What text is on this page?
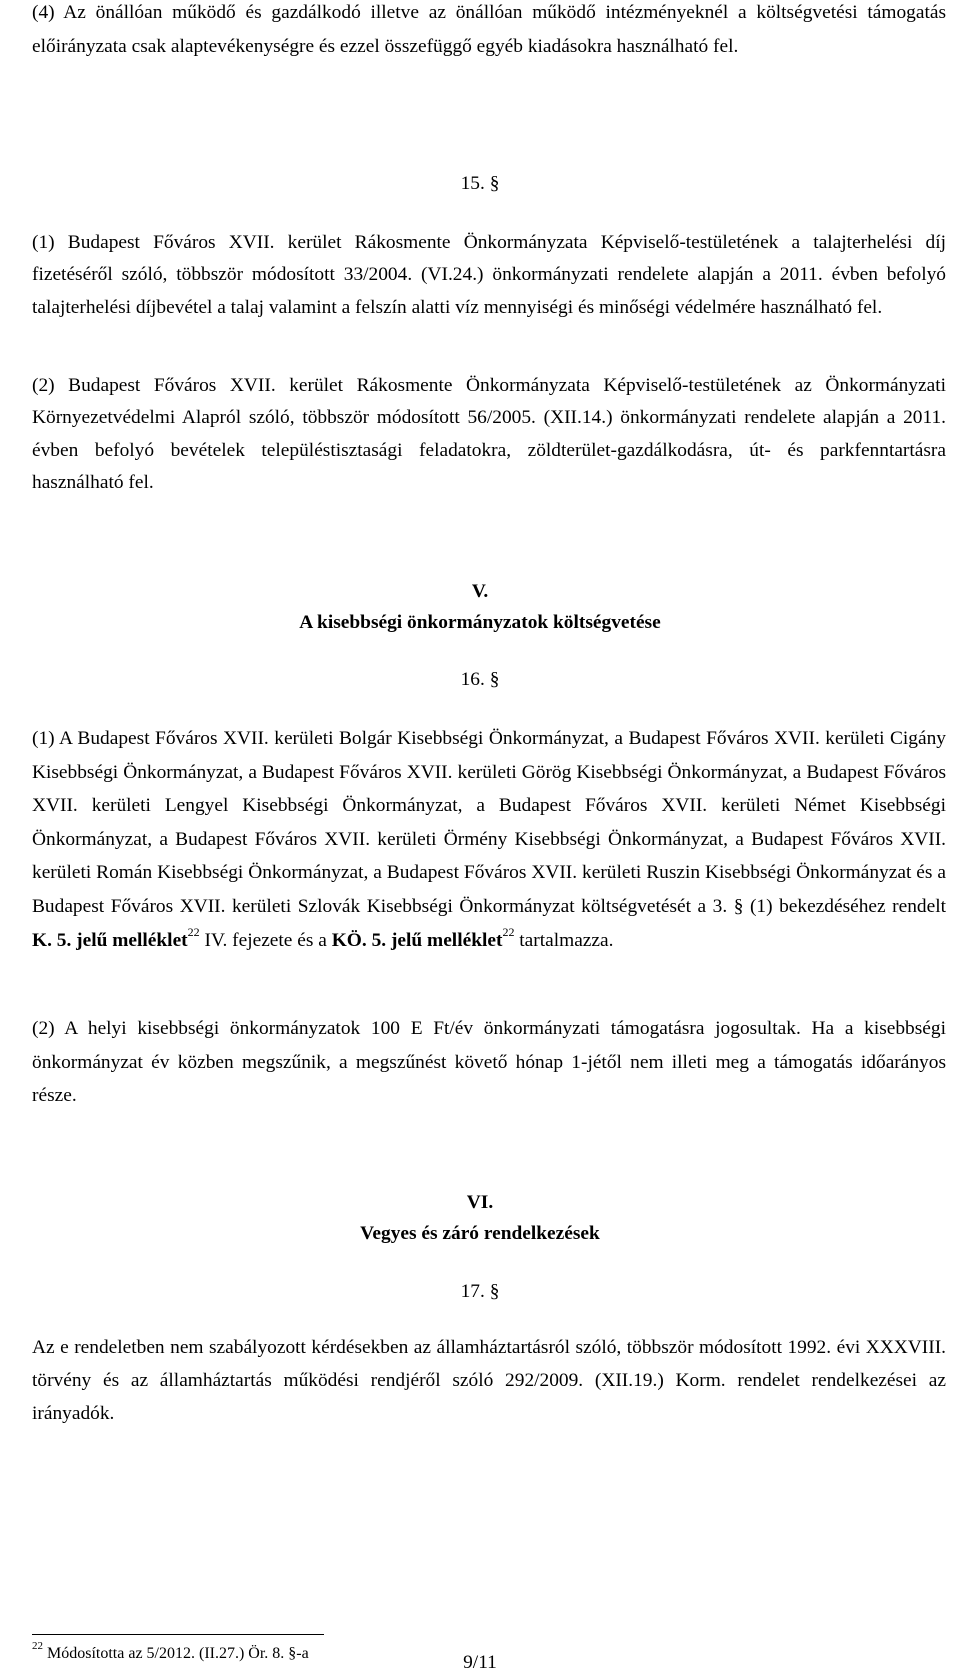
(4) Az önállóan működő és gazdálkodó illetve az önállóan működő intézményeknél a költségvetési támogatás előirányzata csak alaptevékenységre és ezzel összefüggő egyéb kiadásokra használható fel.

15. §

(1) Budapest Főváros XVII. kerület Rákosmente Önkormányzata Képviselő-testületének a talajterhelési díj fizetéséről szóló, többször módosított 33/2004. (VI.24.) önkormányzati rendelete alapján a 2011. évben befolyó talajterhelési díjbevétel a talaj valamint a felszín alatti víz mennyiségi és minőségi védelmére használható fel.

(2) Budapest Főváros XVII. kerület Rákosmente Önkormányzata Képviselő-testületének az Önkormányzati Környezetvédelmi Alapról szóló, többször módosított 56/2005. (XII.14.) önkormányzati rendelete alapján a 2011. évben befolyó bevételek településtisztasági feladatokra, zöldterület-gazdálkodásra, út- és parkfenntartásra használható fel.

V.

A kisebbségi önkormányzatok költségvetése

16. §

(1) A Budapest Főváros XVII. kerületi Bolgár Kisebbségi Önkormányzat, a Budapest Főváros XVII. kerületi Cigány Kisebbségi Önkormányzat, a Budapest Főváros XVII. kerületi Görög Kisebbségi Önkormányzat, a Budapest Főváros XVII. kerületi Lengyel Kisebbségi Önkormányzat, a Budapest Főváros XVII. kerületi Német Kisebbségi Önkormányzat, a Budapest Főváros XVII. kerületi Örmény Kisebbségi Önkormányzat, a Budapest Főváros XVII. kerületi Román Kisebbségi Önkormányzat, a Budapest Főváros XVII. kerületi Ruszin Kisebbségi Önkormányzat és a Budapest Főváros XVII. kerületi Szlovák Kisebbségi Önkormányzat költségvetését a 3. § (1) bekezdéséhez rendelt K. 5. jelű melléklet$^{22}$ IV. fejezete és a KÖ. 5. jelű melléklet$^{22}$ tartalmazza.

(2) A helyi kisebbségi önkormányzatok 100 E Ft/év önkormányzati támogatásra jogosultak. Ha a kisebbségi önkormányzat év közben megszűnik, a megszűnést követő hónap 1-jétől nem illeti meg a támogatás időarányos része.

VI.

Vegyes és záró rendelkezések

17. §

Az e rendeletben nem szabályozott kérdésekben az államháztartásról szóló, többször módosított 1992. évi XXXVIII. törvény és az államháztartás működési rendjéről szóló 292/2009. (XII.19.) Korm. rendelet rendelkezései az irányadók.

$^{22}$ Módosította az 5/2012. (II.27.) Ör. 8. §-a	9/11
